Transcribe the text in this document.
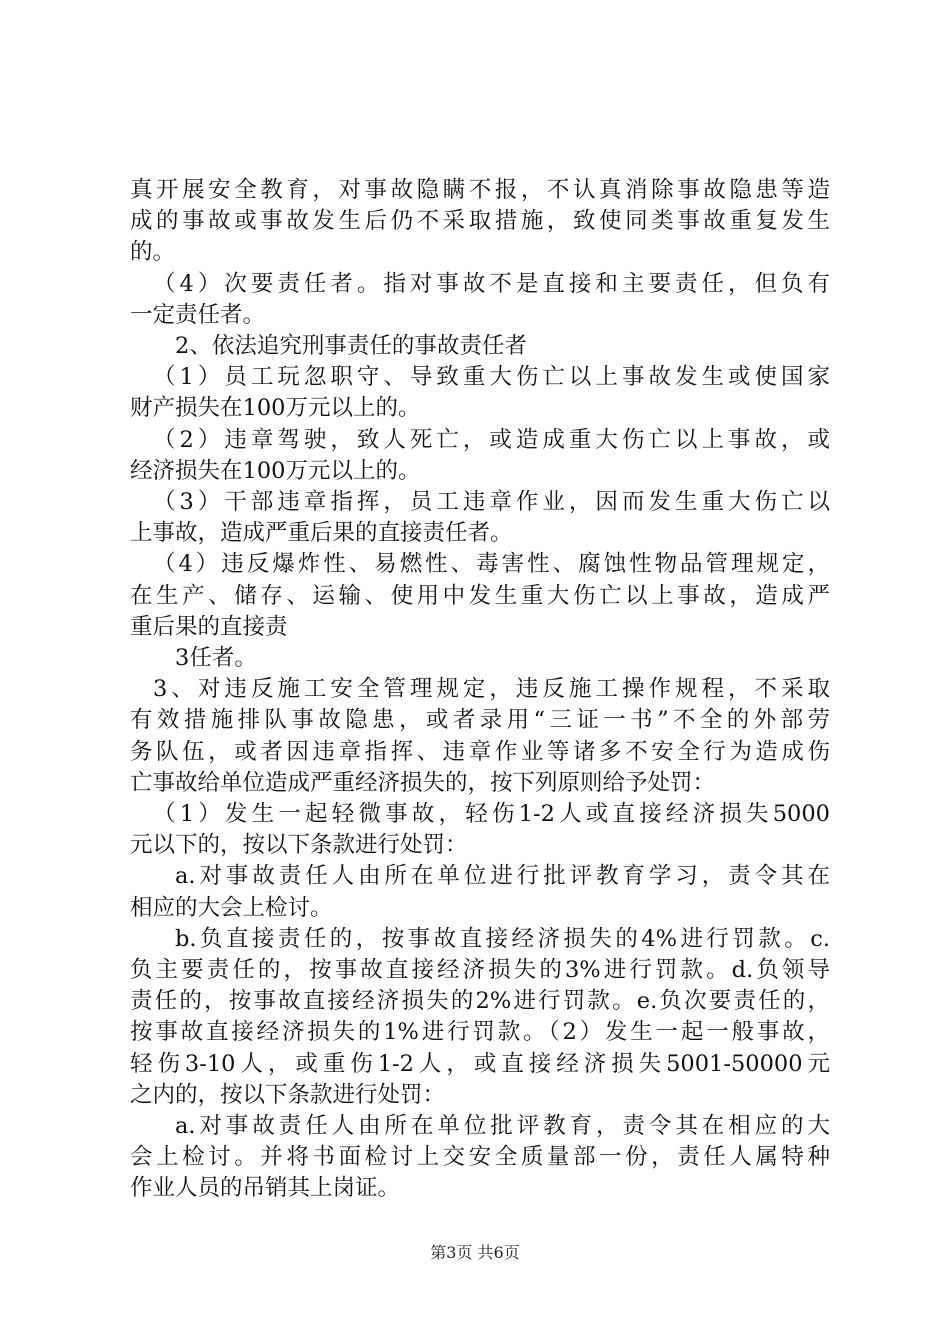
真开展安全教育，对事故隐瞒不报，不认真消除事故隐患等造
成的事故或事故发生后仍不采取措施，致使同类事故重复发生
的。
（4）次要责任者。指对事故不是直接和主要责任，但负有
一定责任者。
2、依法追究刑事责任的事故责任者
（1）员工玩忽职守、导致重大伤亡以上事故发生或使国家
财产损失在100万元以上的。
（2）违章驾驶，致人死亡，或造成重大伤亡以上事故，或
经济损失在100万元以上的。
（3）干部违章指挥，员工违章作业，因而发生重大伤亡以
上事故，造成严重后果的直接责任者。
（4）违反爆炸性、易燃性、毒害性、腐蚀性物品管理规定，
在生产、储存、运输、使用中发生重大伤亡以上事故，造成严
重后果的直接责
3任者。
3、对违反施工安全管理规定，违反施工操作规程，不采取
有效措施排队事故隐患，或者录用“三证一书”不全的外部劳
务队伍，或者因违章指挥、违章作业等诸多不安全行为造成伤
亡事故给单位造成严重经济损失的，按下列原则给予处罚：
（1）发生一起轻微事故，轻伤1-2人或直接经济损失5000
元以下的，按以下条款进行处罚：
a.对事故责任人由所在单位进行批评教育学习，责令其在
相应的大会上检讨。
b.负直接责任的，按事故直接经济损失的4%进行罚款。c.
负主要责任的，按事故直接经济损失的3%进行罚款。d.负领导
责任的，按事故直接经济损失的2%进行罚款。e.负次要责任的，
按事故直接经济损失的1%进行罚款。（2）发生一起一般事故，
轻伤3-10人，或重伤1-2人，或直接经济损失5001-50000元
之内的，按以下条款进行处罚：
a.对事故责任人由所在单位批评教育，责令其在相应的大
会上检讨。并将书面检讨上交安全质量部一份，责任人属特种
第3页 共6页
作业人员的吊销其上岗证。
